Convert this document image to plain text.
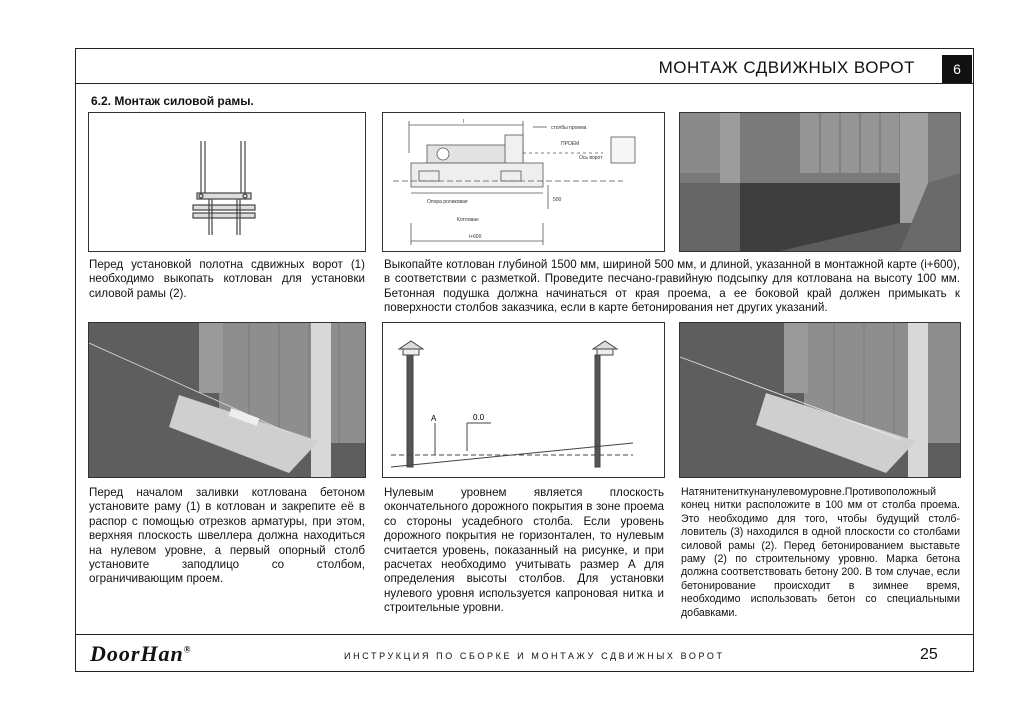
МОНТАЖ СДВИЖНЫХ ВОРОТ	6
6.2. Монтаж силовой рамы.
l
столбы проема
ПРОЕМ
Ось ворот
Опора роликовая
Котлован
500
l+600
Перед установкой полотна сдвижных ворот (1) необходимо выкопать котлован для установки силовой рамы (2).
Выкопайте котлован глубиной 1500 мм, шириной 500 мм, и длиной, указанной в монтажной карте (i+600), в соответствии с разметкой. Проведите песчано-гравийную подсыпку для котлована на высоту 100 мм. Бетонная подушка должна начинаться от края проема, а ее боковой край должен примыкать к поверхности столбов заказчика, если в карте бетонирования нет других указаний.
A	0.0
Перед началом заливки котлована бетоном установите раму (1) в котлован и закрепите её в распор с помощью отрезков арматуры, при этом, верхняя плоскость швеллера должна находиться на нулевом уровне, а первый опорный столб установите заподлицо со столбом, ограничивающим проем.
Нулевым уровнем является плоскость окончательного дорожного покрытия в зоне проема со стороны усадебного столба. Если уровень дорожного покрытия не горизонтален, то нулевым считается уровень, показанный на рисунке, и при расчетах необходимо учитывать размер A для определения высоты столбов. Для установки нулевого уровня используется капроновая нитка и строительные уровни.
Натянитениткунанулевомуровне.Противоположный конец нитки расположите в 100 мм от столба проема. Это необходимо для того, чтобы будущий столб-ловитель (3) находился в одной плоскости со столбами силовой рамы (2). Перед бетонированием выставьте раму (2) по строительному уровню. Марка бетона должна соответствовать бетону 200. В том случае, если бетонирование происходит в зимнее время, необходимо использовать бетон со специальными добавками.
DoorHan®
ИНСТРУКЦИЯ ПО СБОРКЕ И МОНТАЖУ СДВИЖНЫХ ВОРОТ	25
